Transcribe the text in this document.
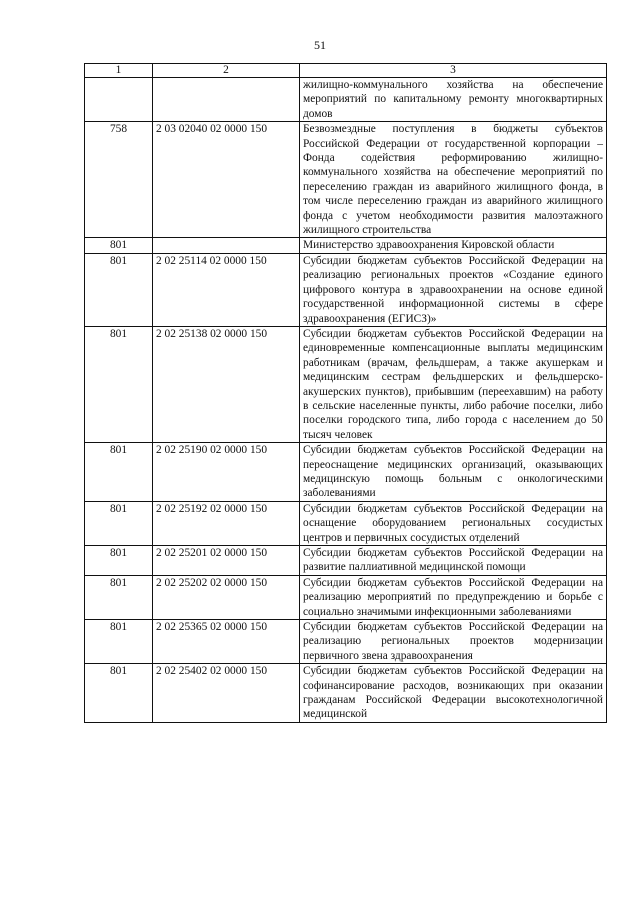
51
1	2	3
		жилищно-коммунального хозяйства на обеспечение мероприятий по капитальному ремонту многоквартирных домов
758	2 03 02040 02 0000 150	Безвозмездные поступления в бюджеты субъектов Российской Федерации от государственной корпорации – Фонда содействия реформированию жилищно-коммунального хозяйства на обеспечение мероприятий по переселению граждан из аварийного жилищного фонда, в том числе переселению граждан из аварийного жилищного фонда с учетом необходимости развития малоэтажного жилищного строительства
801		Министерство здравоохранения Кировской области
801	2 02 25114 02 0000 150	Субсидии бюджетам субъектов Российской Федерации на реализацию региональных проектов «Создание единого цифрового контура в здравоохранении на основе единой государственной информационной системы в сфере здравоохранения (ЕГИСЗ)»
801	2 02 25138 02 0000 150	Субсидии бюджетам субъектов Российской Федерации на единовременные компенсационные выплаты медицинским работникам (врачам, фельдшерам, а также акушеркам и медицинским сестрам фельдшерских и фельдшерско-акушерских пунктов), прибывшим (переехавшим) на работу в сельские населенные пункты, либо рабочие поселки, либо поселки городского типа, либо города с населением до 50 тысяч человек
801	2 02 25190 02 0000 150	Субсидии бюджетам субъектов Российской Федерации на переоснащение медицинских организаций, оказывающих медицинскую помощь больным с онкологическими заболеваниями
801	2 02 25192 02 0000 150	Субсидии бюджетам субъектов Российской Федерации на оснащение оборудованием региональных сосудистых центров и первичных сосудистых отделений
801	2 02 25201 02 0000 150	Субсидии бюджетам субъектов Российской Федерации на развитие паллиативной медицинской помощи
801	2 02 25202 02 0000 150	Субсидии бюджетам субъектов Российской Федерации на реализацию мероприятий по предупреждению и борьбе с социально значимыми инфекционными заболеваниями
801	2 02 25365 02 0000 150	Субсидии бюджетам субъектов Российской Федерации на реализацию региональных проектов модернизации первичного звена здравоохранения
801	2 02 25402 02 0000 150	Субсидии бюджетам субъектов Российской Федерации на софинансирование расходов, возникающих при оказании гражданам Российской Федерации высокотехнологичной медицинской
